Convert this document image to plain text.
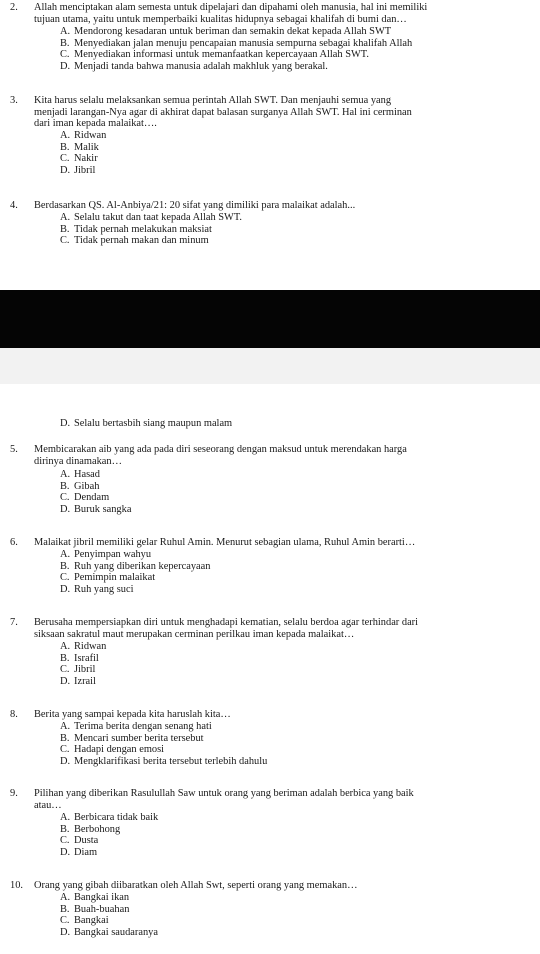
2.	Allah menciptakan alam semesta untuk dipelajari dan dipahami oleh manusia, hal ini memiliki
tujuan utama, yaitu untuk memperbaiki kualitas hidupnya sebagai khalifah di bumi dan…
A. Mendorong kesadaran untuk beriman dan semakin dekat kepada Allah SWT
B. Menyediakan jalan menuju pencapaian manusia sempurna sebagai khalifah Allah
C. Menyediakan informasi untuk memanfaatkan kepercayaan Allah SWT.
D. Menjadi tanda bahwa manusia adalah makhluk yang berakal.
3.	Kita harus selalu melaksankan semua perintah Allah SWT. Dan menjauhi semua yang
menjadi larangan-Nya agar di akhirat dapat balasan surganya Allah SWT. Hal ini cerminan
dari iman kepada malaikat….
A. Ridwan
B. Malik
C. Nakir
D. Jibril
4.	Berdasarkan QS. Al-Anbiya/21: 20 sifat yang dimiliki para malaikat adalah...
A. Selalu takut dan taat kepada Allah SWT.
B. Tidak pernah melakukan maksiat
C. Tidak pernah makan dan minum
D. Selalu bertasbih siang maupun malam
5.	Membicarakan aib yang ada pada diri seseorang dengan maksud untuk merendakan harga
dirinya dinamakan…
A. Hasad
B. Gibah
C. Dendam
D. Buruk sangka
6.	Malaikat jibril memiliki gelar Ruhul Amin. Menurut sebagian ulama, Ruhul Amin berarti…
A. Penyimpan wahyu
B. Ruh yang diberikan kepercayaan
C. Pemimpin malaikat
D. Ruh yang suci
7.	Berusaha mempersiapkan diri untuk menghadapi kematian, selalu berdoa agar terhindar dari
siksaan sakratul maut merupakan cerminan perilkau iman kepada malaikat…
A. Ridwan
B. Israfil
C. Jibril
D. Izrail
8.	Berita yang sampai kepada kita haruslah kita…
A. Terima berita dengan senang hati
B. Mencari sumber berita tersebut
C. Hadapi dengan emosi
D. Mengklarifikasi berita tersebut terlebih dahulu
9.	Pilihan yang diberikan Rasulullah Saw untuk orang yang beriman adalah berbica yang baik
atau…
A. Berbicara tidak baik
B. Berbohong
C. Dusta
D. Diam
10.	Orang yang gibah diibaratkan oleh Allah Swt, seperti orang yang memakan…
A. Bangkai ikan
B. Buah-buahan
C. Bangkai
D. Bangkai saudaranya
